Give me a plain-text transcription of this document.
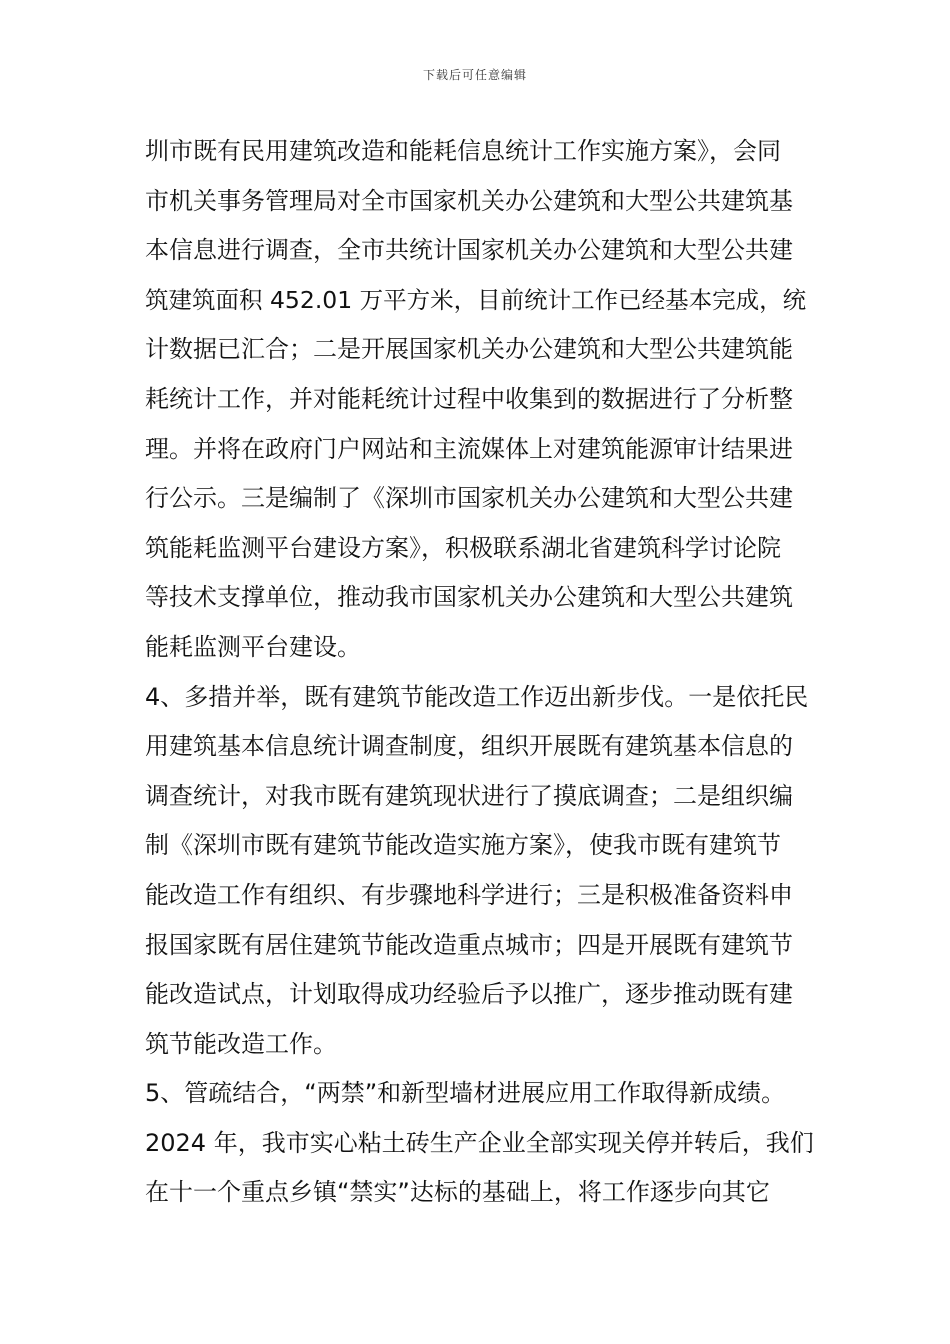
下载后可任意编辑
圳市既有民用建筑改造和能耗信息统计工作实施方案》，会同
市机关事务管理局对全市国家机关办公建筑和大型公共建筑基
本信息进行调查，全市共统计国家机关办公建筑和大型公共建
筑建筑面积 452.01 万平方米，目前统计工作已经基本完成，统
计数据已汇合；二是开展国家机关办公建筑和大型公共建筑能
耗统计工作，并对能耗统计过程中收集到的数据进行了分析整
理。并将在政府门户网站和主流媒体上对建筑能源审计结果进
行公示。三是编制了《深圳市国家机关办公建筑和大型公共建
筑能耗监测平台建设方案》，积极联系湖北省建筑科学讨论院
等技术支撑单位，推动我市国家机关办公建筑和大型公共建筑
能耗监测平台建设。
4、多措并举，既有建筑节能改造工作迈出新步伐。一是依托民
用建筑基本信息统计调查制度，组织开展既有建筑基本信息的
调查统计，对我市既有建筑现状进行了摸底调查；二是组织编
制《深圳市既有建筑节能改造实施方案》，使我市既有建筑节
能改造工作有组织、有步骤地科学进行；三是积极准备资料申
报国家既有居住建筑节能改造重点城市；四是开展既有建筑节
能改造试点，计划取得成功经验后予以推广，逐步推动既有建
筑节能改造工作。
5、管疏结合，“两禁”和新型墙材进展应用工作取得新成绩。
2024 年，我市实心粘土砖生产企业全部实现关停并转后，我们
在十一个重点乡镇“禁实”达标的基础上，将工作逐步向其它
